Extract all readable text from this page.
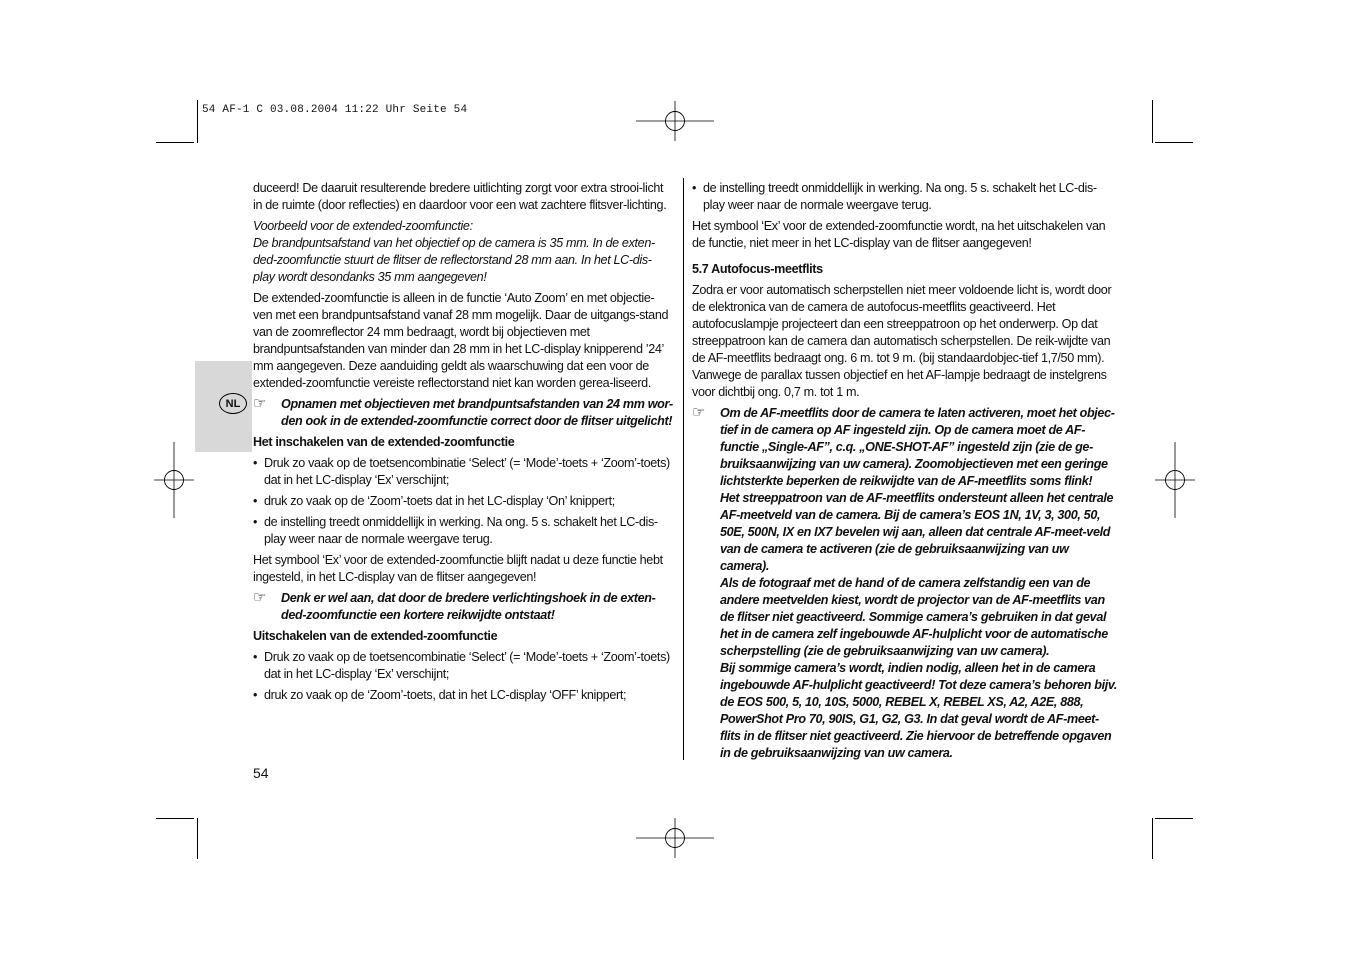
54 AF-1 C 03.08.2004 11:22 Uhr Seite 54
NL

duceerd! De daaruit resulterende bredere uitlichting zorgt voor extra strooi-licht in de ruimte (door reflecties) en daardoor voor een wat zachtere flitsver-lichting.

Voorbeeld voor de extended-zoomfunctie:

De brandpuntsafstand van het objectief op de camera is 35 mm. In de exten-ded-zoomfunctie stuurt de flitser de reflectorstand 28 mm aan. In het LC-dis-play wordt desondanks 35 mm aangegeven!

De extended-zoomfunctie is alleen in de functie ‘Auto Zoom’ en met objectie-ven met een brandpuntsafstand vanaf 28 mm mogelijk. Daar de uitgangs-stand van de zoomreflector 24 mm bedraagt, wordt bij objectieven met brandpuntsafstanden van minder dan 28 mm in het LC-display knipperend ’24’ mm aangegeven. Deze aanduiding geldt als waarschuwing dat een voor de extended-zoomfunctie vereiste reflectorstand niet kan worden gerea-liseerd.

☞ Opnamen met objectieven met brandpuntsafstanden van 24 mm wor-den ook in de extended-zoomfunctie correct door de flitser uitgelicht!

Het inschakelen van de extended-zoomfunctie

• Druk zo vaak op de toetsencombinatie ‘Select’ (= ‘Mode’-toets + ‘Zoom’-toets) dat in het LC-display ‘Ex’ verschijnt;
• druk zo vaak op de ‘Zoom’-toets dat in het LC-display ‘On’ knippert;
• de instelling treedt onmiddellijk in werking. Na ong. 5 s. schakelt het LC-dis-play weer naar de normale weergave terug.

Het symbool ‘Ex’ voor de extended-zoomfunctie blijft nadat u deze functie hebt ingesteld, in het LC-display van de flitser aangegeven!

☞ Denk er wel aan, dat door de bredere verlichtingshoek in de exten-ded-zoomfunctie een kortere reikwijdte ontstaat!

Uitschakelen van de extended-zoomfunctie

• Druk zo vaak op de toetsencombinatie ‘Select’ (= ‘Mode’-toets + ‘Zoom’-toets) dat in het LC-display ‘Ex’ verschijnt;
• druk zo vaak op de ‘Zoom’-toets, dat in het LC-display ‘OFF’ knippert;
54
• de instelling treedt onmiddellijk in werking. Na ong. 5 s. schakelt het LC-dis-play weer naar de normale weergave terug.

Het symbool ‘Ex’ voor de extended-zoomfunctie wordt, na het uitschakelen van de functie, niet meer in het LC-display van de flitser aangegeven!

5.7 Autofocus-meetflits

Zodra er voor automatisch scherpstellen niet meer voldoende licht is, wordt door de elektronica van de camera de autofocus-meetflits geactiveerd. Het autofocuslampje projecteert dan een streeppatroon op het onderwerp. Op dat streeppatroon kan de camera dan automatisch scherpstellen. De reik-wijdte van de AF-meetflits bedraagt ong. 6 m. tot 9 m. (bij standaardobjec-tief 1,7/50 mm). Vanwege de parallax tussen objectief en het AF-lampje bedraagt de instelgrens voor dichtbij ong. 0,7 m. tot 1 m.

☞ Om de AF-meetflits door de camera te laten activeren, moet het objec-tief in de camera op AF ingesteld zijn. Op de camera moet de AF-functie „Single-AF”, c.q. „ONE-SHOT-AF” ingesteld zijn (zie de ge-bruiksaanwijzing van uw camera). Zoomobjectieven met een geringe lichtsterkte beperken de reikwijdte van de AF-meetflits soms flink!
Het streeppatroon van de AF-meetflits ondersteunt alleen het centrale AF-meetveld van de camera. Bij de camera’s EOS 1N, 1V, 3, 300, 50, 50E, 500N, IX en IX7 bevelen wij aan, alleen dat centrale AF-meet-veld van de camera te activeren (zie de gebruiksaanwijzing van uw camera).
Als de fotograaf met de hand of de camera zelfstandig een van de andere meetvelden kiest, wordt de projector van de AF-meetflits van de flitser niet geactiveerd. Sommige camera’s gebruiken in dat geval het in de camera zelf ingebouwde AF-hulplicht voor de automatische scherpstelling (zie de gebruiksaanwijzing van uw camera).
Bij sommige camera’s wordt, indien nodig, alleen het in de camera ingebouwde AF-hulplicht geactiveerd! Tot deze camera’s behoren bijv. de EOS 500, 5, 10, 10S, 5000, REBEL X, REBEL XS, A2, A2E, 888, PowerShot Pro 70, 90IS, G1, G2, G3. In dat geval wordt de AF-meet-flits in de flitser niet geactiveerd. Zie hiervoor de betreffende opgaven in de gebruiksaanwijzing van uw camera.
